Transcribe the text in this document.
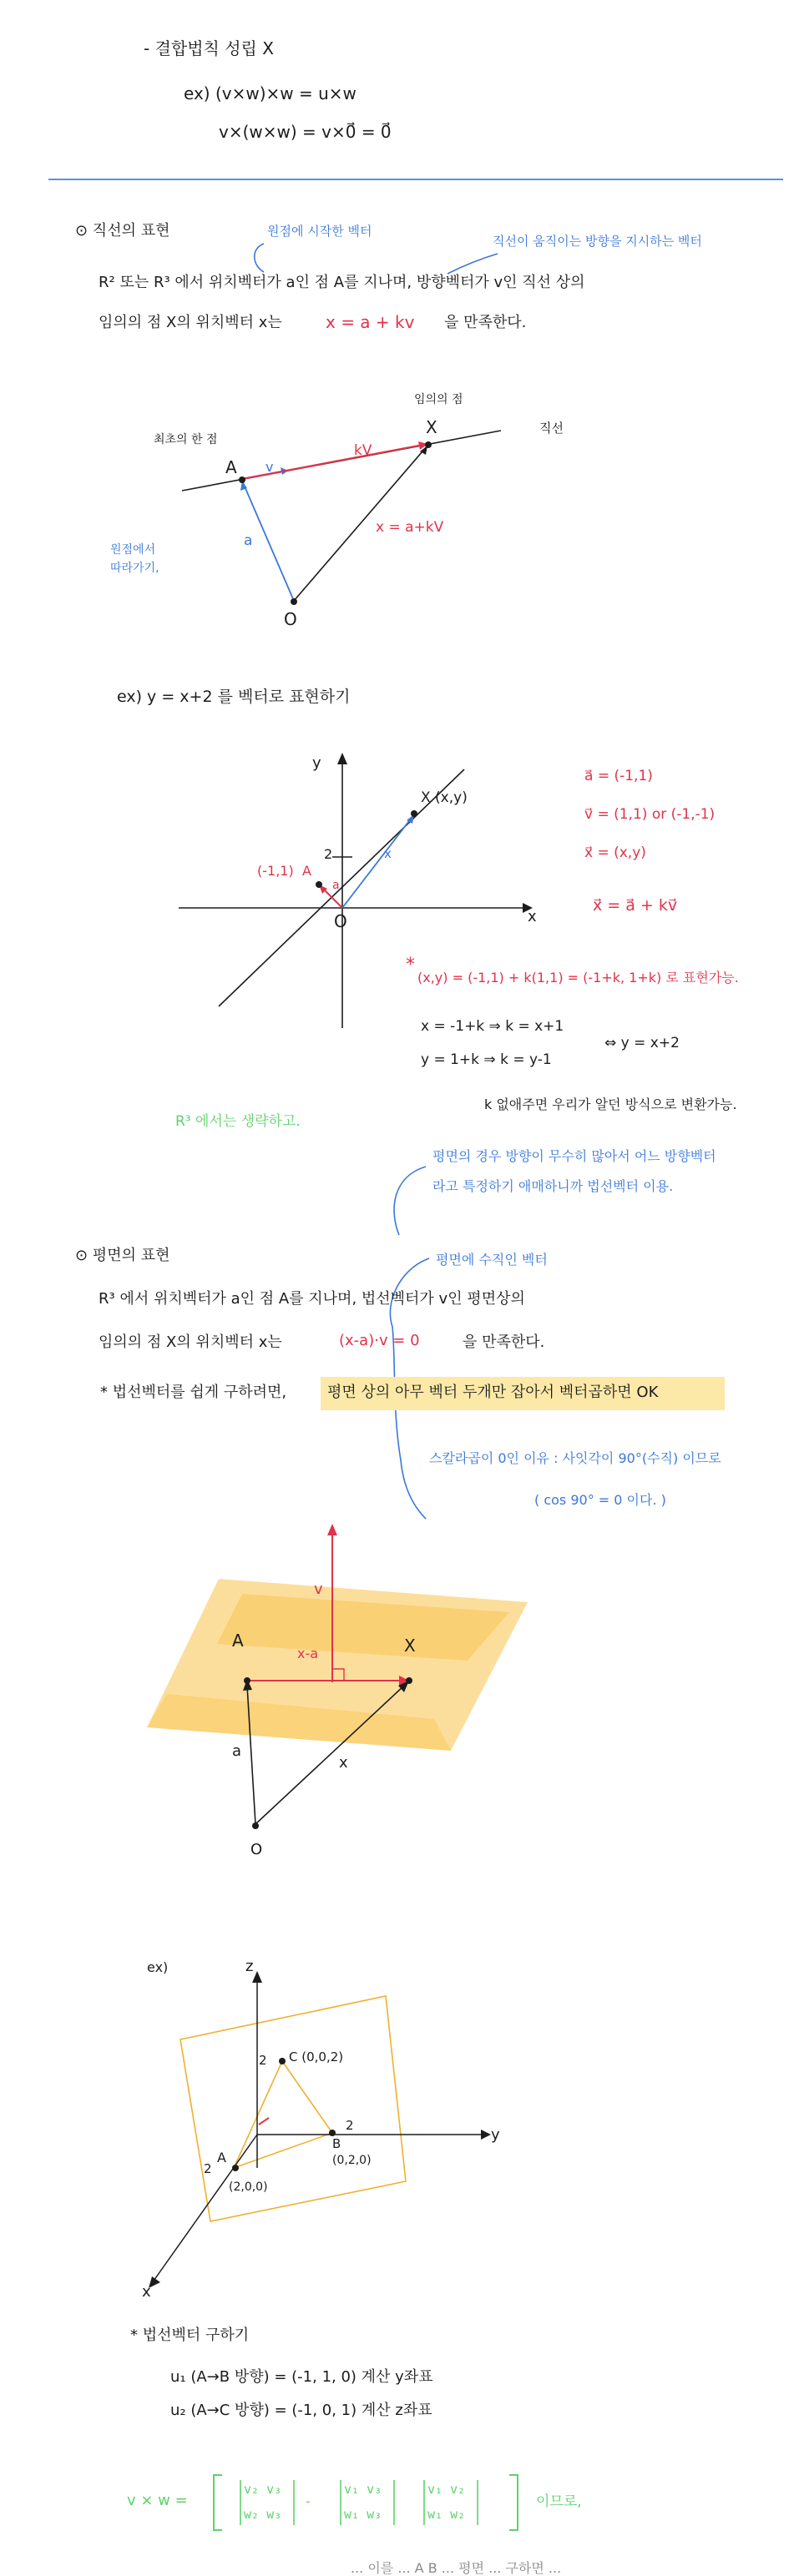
- 결합법칙 성립 X
ex) (v×w)×w = u×w
v×(w×w) = v×0⃗ = 0⃗
⊙ 직선의 표현	원점에 시작한 벡터
직선이 움직이는 방향을 지시하는 벡터
R² 또는 R³ 에서 위치벡터가 a인 점 A를 지나며, 방향벡터가 v인 직선 상의
임의의 점 X의 위치벡터 x는	x = a + kv 을 만족한다.
임의의 점
직선
최초의 한 점
A
X
v
kV
a
x = a+kV
원점에서 따라가기,
O
ex) y = x+2 를 벡터로 표현하기
y
x
O
2
(-1,1) A
a
X (x,y)
x
a⃗ = (-1,1)
v⃗ = (1,1) or (-1,-1)
x⃗ = (x,y)
x⃗ = a⃗ + kv⃗
*
(x,y) = (-1,1) + k(1,1) = (-1+k, 1+k) 로 표현가능.
x = -1+k ⇒ k = x+1
y = 1+k ⇒ k = y-1
⇔ y = x+2
k 없애주면 우리가 알던 방식으로 변환가능.
R³ 에서는 생략하고.
평면의 경우 방향이 무수히 많아서 어느 방향벡터
라고 특정하기 애매하니까 법선벡터 이용.
평면에 수직인 벡터
⊙ 평면의 표현
R³ 에서 위치벡터가 a인 점 A를 지나며, 법선벡터가 v인 평면상의
임의의 점 X의 위치벡터 x는	(x-a)·v = 0	을 만족한다.
* 법선벡터를 쉽게 구하려면,	평면 상의 아무 벡터 두개만 잡아서 벡터곱하면 OK
스칼라곱이 0인 이유 : 사잇각이 90°(수직) 이므로
( cos 90° = 0 이다. )
v
A	X
x-a
a
x
O
ex)	z
y
x
C (0,0,2)
2
2
B
(0,2,0)
2
A
(2,0,0)
* 법선벡터 구하기
u₁ (A→B 방향) = (-1, 1, 0) 계산 y좌표
u₂ (A→C 방향) = (-1, 0, 1) 계산 z좌표
v × w =
v₂ v₃
w₂ w₃
-
v₁ v₃
w₁ w₃
v₁ v₂
w₁ w₂
이므로,
... 이를 ... A B ... 평면 ... 구하면 ...
